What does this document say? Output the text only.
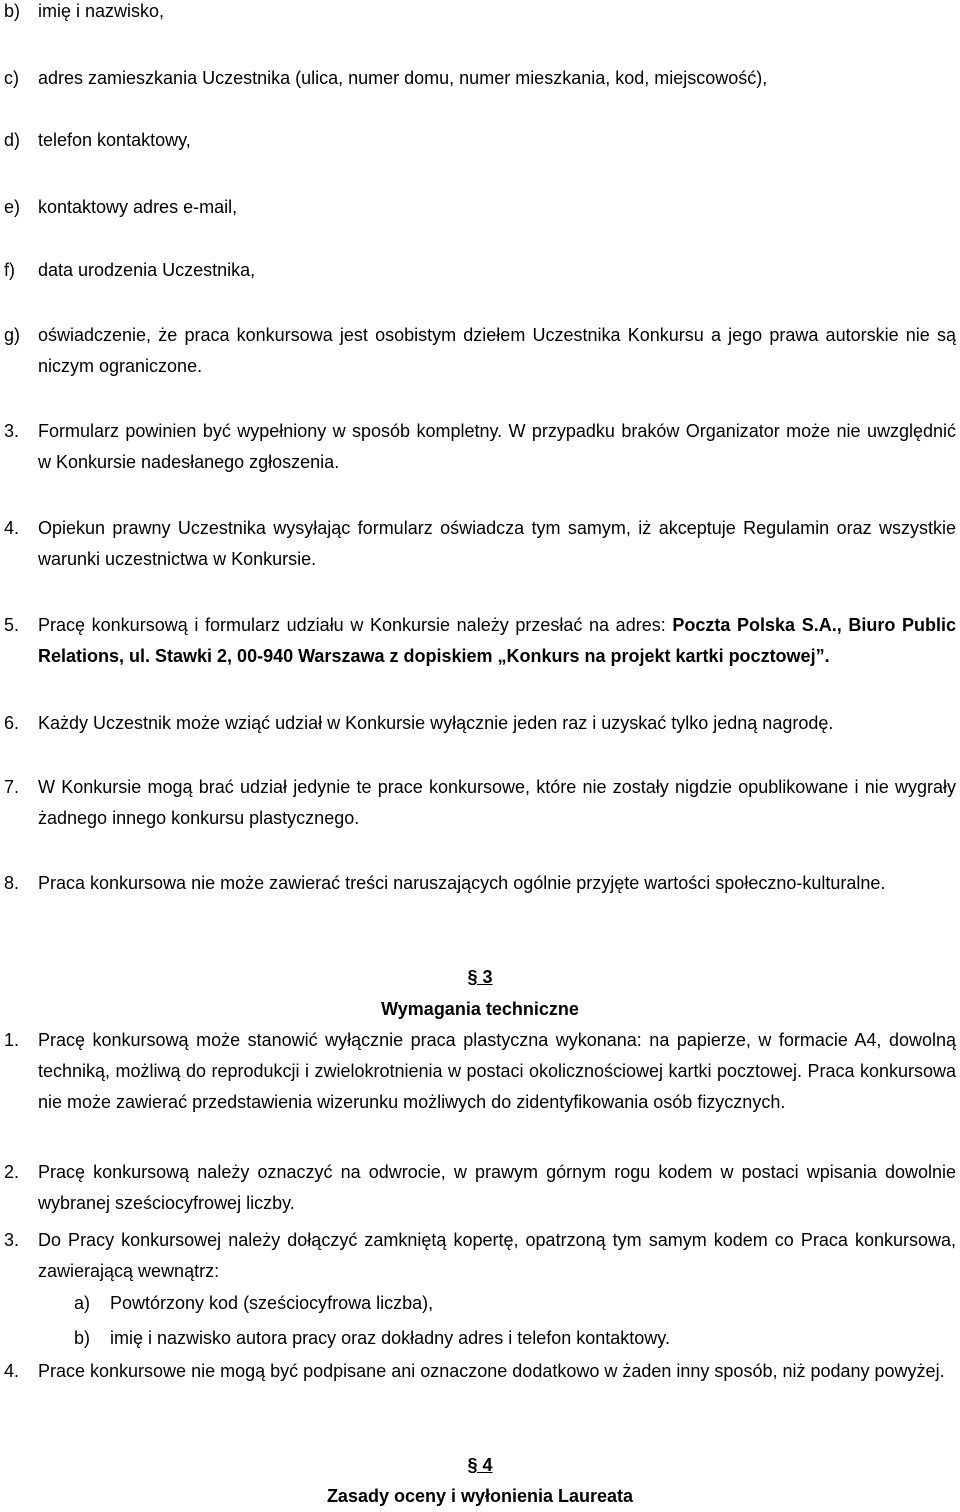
b) imię i nazwisko,
c) adres zamieszkania Uczestnika (ulica, numer domu, numer mieszkania, kod, miejscowość),
d) telefon kontaktowy,
e) kontaktowy adres e-mail,
f) data urodzenia Uczestnika,
g) oświadczenie, że praca konkursowa jest osobistym dziełem Uczestnika Konkursu a jego prawa autorskie nie są niczym ograniczone.
3. Formularz powinien być wypełniony w sposób kompletny. W przypadku braków Organizator może nie uwzględnić w Konkursie nadesłanego zgłoszenia.
4. Opiekun prawny Uczestnika wysyłając formularz oświadcza tym samym, iż akceptuje Regulamin oraz wszystkie warunki uczestnictwa w Konkursie.
5. Pracę konkursową i formularz udziału w Konkursie należy przesłać na adres: Poczta Polska S.A., Biuro Public Relations, ul. Stawki 2, 00-940 Warszawa z dopiskiem „Konkurs na projekt kartki pocztowej”.
6. Każdy Uczestnik może wziąć udział w Konkursie wyłącznie jeden raz i uzyskać tylko jedną nagrodę.
7. W Konkursie mogą brać udział jedynie te prace konkursowe, które nie zostały nigdzie opublikowane i nie wygrały żadnego innego konkursu plastycznego.
8. Praca konkursowa nie może zawierać treści naruszających ogólnie przyjęte wartości społeczno-kulturalne.
§ 3
Wymagania techniczne
1. Pracę konkursową może stanowić wyłącznie praca plastyczna wykonana: na papierze, w formacie A4, dowolną techniką, możliwą do reprodukcji i zwielokrotnienia w postaci okolicznościowej kartki pocztowej. Praca konkursowa nie może zawierać przedstawienia wizerunku możliwych do zidentyfikowania osób fizycznych.
2. Pracę konkursową należy oznaczyć na odwrocie, w prawym górnym rogu kodem w postaci wpisania dowolnie wybranej sześciocyfrowej liczby.
3. Do Pracy konkursowej należy dołączyć zamkniętą kopertę, opatrzoną tym samym kodem co Praca konkursowa, zawierającą wewnątrz:
a) Powtórzony kod (sześciocyfrowa liczba),
b) imię i nazwisko autora pracy oraz dokładny adres i telefon kontaktowy.
4. Prace konkursowe nie mogą być podpisane ani oznaczone dodatkowo w żaden inny sposób, niż podany powyżej.
§ 4
Zasady oceny i wyłonienia Laureata
